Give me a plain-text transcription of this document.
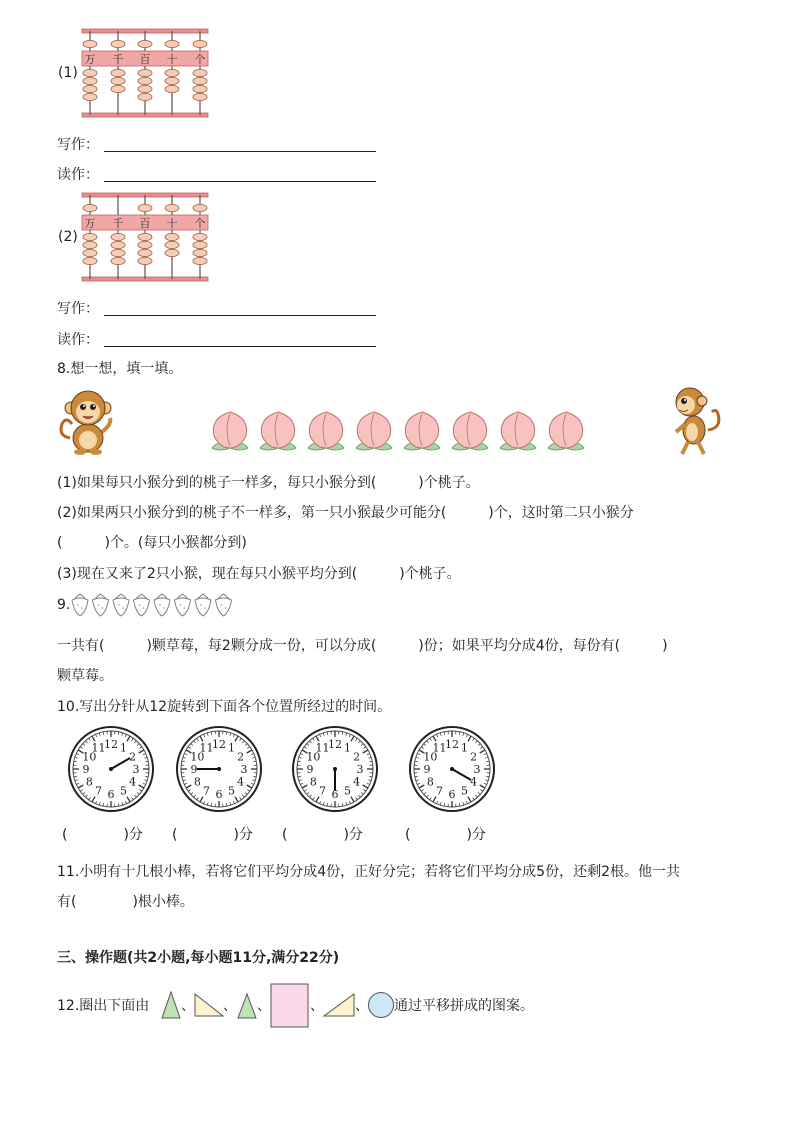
(1)
万 千 百 十 个
写作：
读作：
(2)
万 千 百 十 个
写作：
读作：
8.想一想，填一填。
(1)如果每只小猴分到的桃子一样多，每只小猴分到(　　　)个桃子。
(2)如果两只小猴分到的桃子不一样多，第一只小猴最少可能分(　　　)个，这时第二只小猴分
(　　　)个。(每只小猴都分到)
(3)现在又来了2只小猴，现在每只小猴平均分到(　　　)个桃子。
9.
一共有(　　　)颗草莓，每2颗分成一份，可以分成(　　　)份；如果平均分成4份，每份有(　　　)
颗草莓。
10.写出分针从12旋转到下面各个位置所经过的时间。
12 1
2
3
4
5
6
7
8
9
10
11	12 1
2
3
4
5
6
7
8
9
10
11	12 1
2
3
4
5
6
7
8
9
10
11	12 1
2
3
4
5
6
7
8
9
10
11
(　　　　)分 (　　　　)分 (　　　　)分	(　　　　)分
11.小明有十几根小棒，若将它们平均分成4份，正好分完；若将它们平均分成5份，还剩2根。他一共
有(　　　　)根小棒。
三、操作题(共2小题,每小题11分,满分22分)
12.圈出下面由 、 、 、	、 、 通过平移拼成的图案。
